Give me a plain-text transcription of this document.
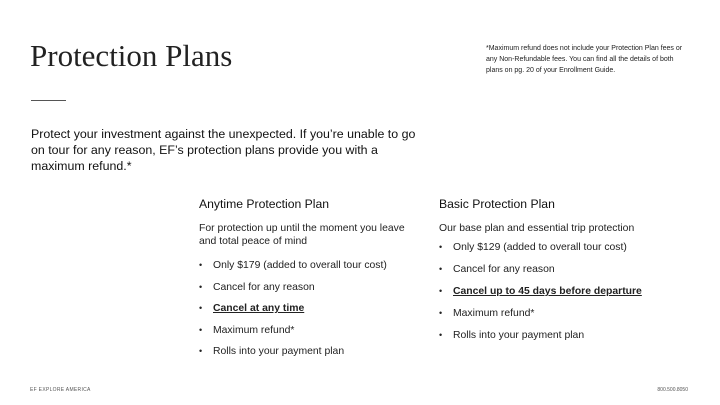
Protection Plans	*Maximum refund does not include your Protection Plan fees or any Non-Refundable fees. You can find all the details of both plans on pg. 20 of your Enrollment Guide.
Protect your investment against the unexpected. If you’re unable to go on tour for any reason, EF’s protection plans provide you with a maximum refund.*
Anytime Protection Plan
For protection up until the moment you leave and total peace of mind
• Only $179 (added to overall tour cost)
• Cancel for any reason
• Cancel at any time
• Maximum refund*
• Rolls into your payment plan
Basic Protection Plan
Our base plan and essential trip protection
• Only $129 (added to overall tour cost)
• Cancel for any reason
• Cancel up to 45 days before departure
• Maximum refund*
• Rolls into your payment plan
EF EXPLORE AMERICA	800.500.8050
